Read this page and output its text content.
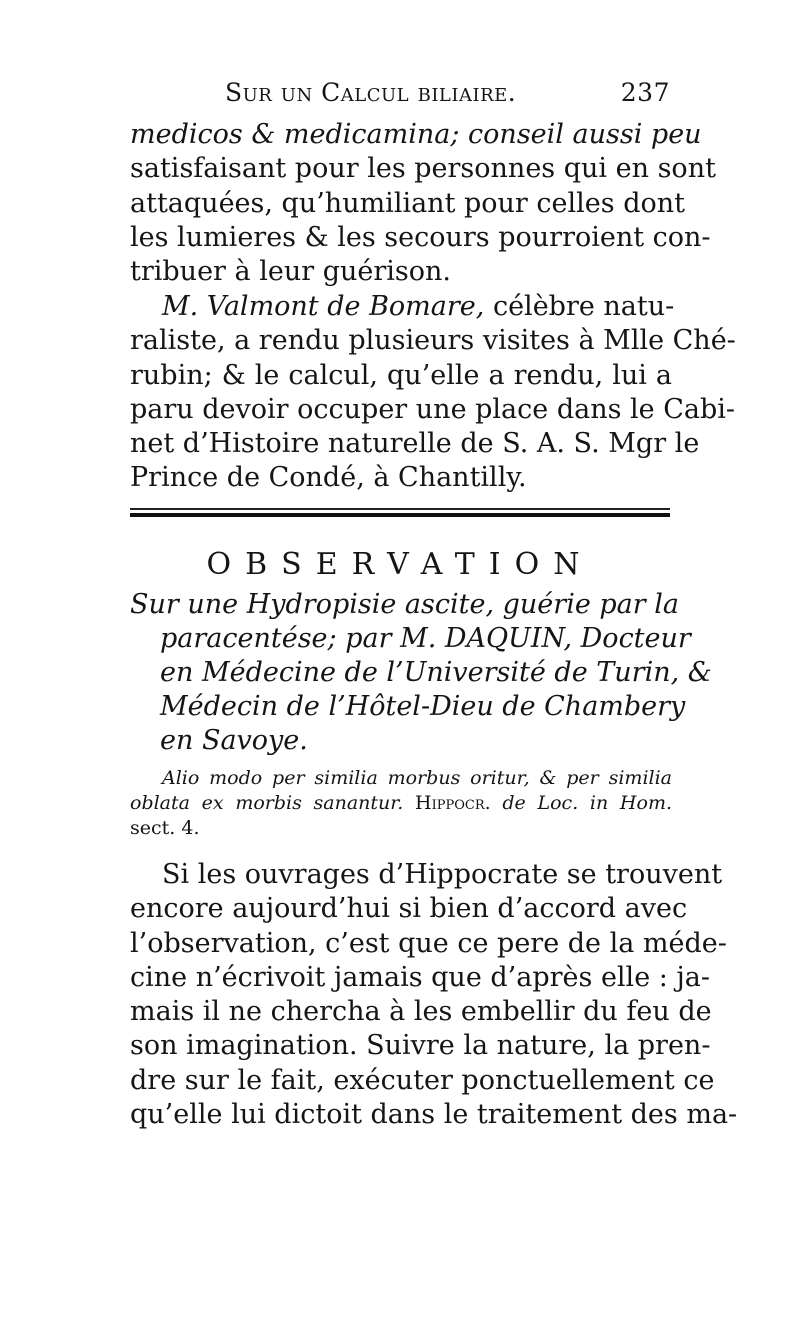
Sur un Calcul biliaire.	237
medicos & medicamina; conseil aussi peu
satisfaisant pour les personnes qui en sont
attaquées, qu’humiliant pour celles dont
les lumieres & les secours pourroient con-
tribuer à leur guérison.
M. Valmont de Bomare, célèbre natu-
raliste, a rendu plusieurs visites à Mlle Ché-
rubin; & le calcul, qu’elle a rendu, lui a
paru devoir occuper une place dans le Cabi-
net d’Histoire naturelle de S. A. S. Mgr le
Prince de Condé, à Chantilly.
OBSERVATION
Sur une Hydropisie ascite, guérie par la
paracentése; par M. DAQUIN, Docteur
en Médecine de l’Université de Turin, &
Médecin de l’Hôtel-Dieu de Chambery
en Savoye.
Alio modo per similia morbus oritur, & per similia
oblata ex morbis sanantur. Hippocr. de Loc. in Hom.
sect. 4.
Si les ouvrages d’Hippocrate se trouvent
encore aujourd’hui si bien d’accord avec
l’observation, c’est que ce pere de la méde-
cine n’écrivoit jamais que d’après elle : ja-
mais il ne chercha à les embellir du feu de
son imagination. Suivre la nature, la pren-
dre sur le fait, exécuter ponctuellement ce
qu’elle lui dictoit dans le traitement des ma-
